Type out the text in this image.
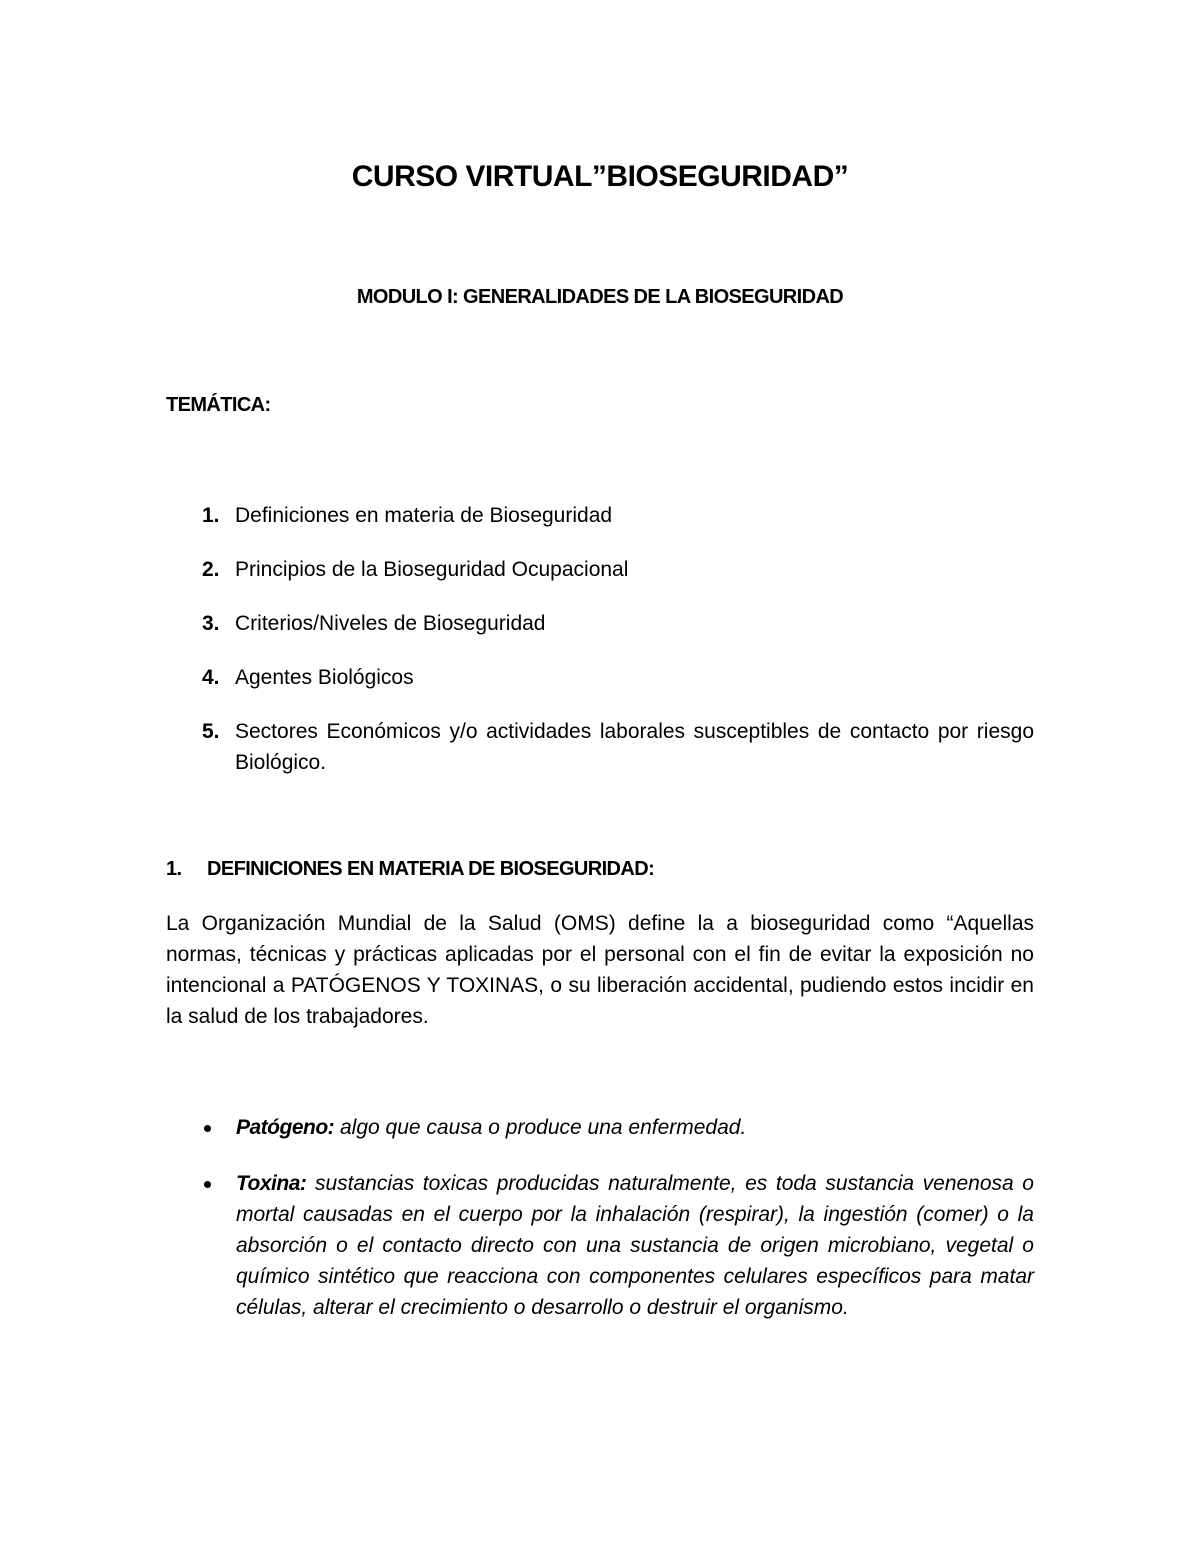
CURSO VIRTUAL”BIOSEGURIDAD”
MODULO I: GENERALIDADES DE LA BIOSEGURIDAD
TEMÁTICA:
1. Definiciones en materia de Bioseguridad
2. Principios de la Bioseguridad Ocupacional
3. Criterios/Niveles de Bioseguridad
4. Agentes Biológicos
5. Sectores Económicos y/o actividades laborales susceptibles de contacto por riesgo Biológico.
1. DEFINICIONES EN MATERIA DE BIOSEGURIDAD:

La Organización Mundial de la Salud (OMS) define la a bioseguridad como “Aquellas normas, técnicas y prácticas aplicadas por el personal con el fin de evitar la exposición no intencional a PATÓGENOS Y TOXINAS, o su liberación accidental, pudiendo estos incidir en la salud de los trabajadores.

Patógeno: algo que causa o produce una enfermedad.
Toxina: sustancias toxicas producidas naturalmente, es toda sustancia venenosa o mortal causadas en el cuerpo por la inhalación (respirar), la ingestión (comer) o la absorción o el contacto directo con una sustancia de origen microbiano, vegetal o químico sintético que reacciona con componentes celulares específicos para matar células, alterar el crecimiento o desarrollo o destruir el organismo.
